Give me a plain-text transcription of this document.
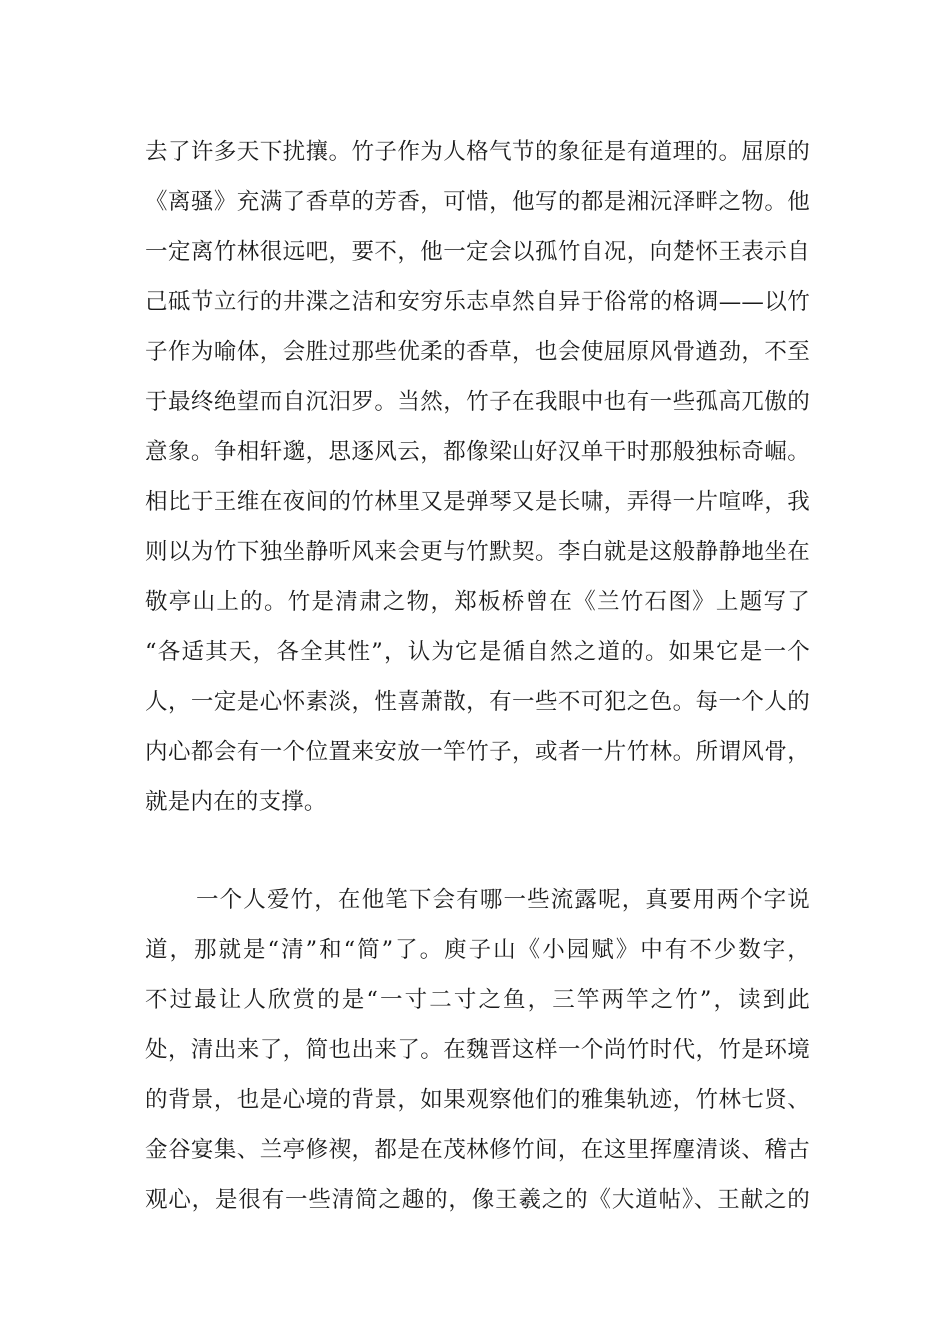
去了许多天下扰攘。竹子作为人格气节的象征是有道理的。屈原的
《离骚》充满了香草的芳香，可惜，他写的都是湘沅泽畔之物。他
一定离竹林很远吧，要不，他一定会以孤竹自况，向楚怀王表示自
己砥节立行的井渫之洁和安穷乐志卓然自异于俗常的格调——以竹
子作为喻体，会胜过那些优柔的香草，也会使屈原风骨遒劲，不至
于最终绝望而自沉汨罗。当然，竹子在我眼中也有一些孤高兀傲的
意象。争相轩邈，思逐风云，都像梁山好汉单干时那般独标奇崛。
相比于王维在夜间的竹林里又是弹琴又是长啸，弄得一片喧哗，我
则以为竹下独坐静听风来会更与竹默契。李白就是这般静静地坐在
敬亭山上的。竹是清肃之物，郑板桥曾在《兰竹石图》上题写了
“各适其天，各全其性”，认为它是循自然之道的。如果它是一个
人，一定是心怀素淡，性喜萧散，有一些不可犯之色。每一个人的
内心都会有一个位置来安放一竿竹子，或者一片竹林。所谓风骨，
就是内在的支撑。
一个人爱竹，在他笔下会有哪一些流露呢，真要用两个字说
道，那就是“清”和“简”了。庾子山《小园赋》中有不少数字，
不过最让人欣赏的是“一寸二寸之鱼，三竿两竿之竹”，读到此
处，清出来了，简也出来了。在魏晋这样一个尚竹时代，竹是环境
的背景，也是心境的背景，如果观察他们的雅集轨迹，竹林七贤、
金谷宴集、兰亭修禊，都是在茂林修竹间，在这里挥麈清谈、稽古
观心，是很有一些清简之趣的，像王羲之的《大道帖》、王献之的
